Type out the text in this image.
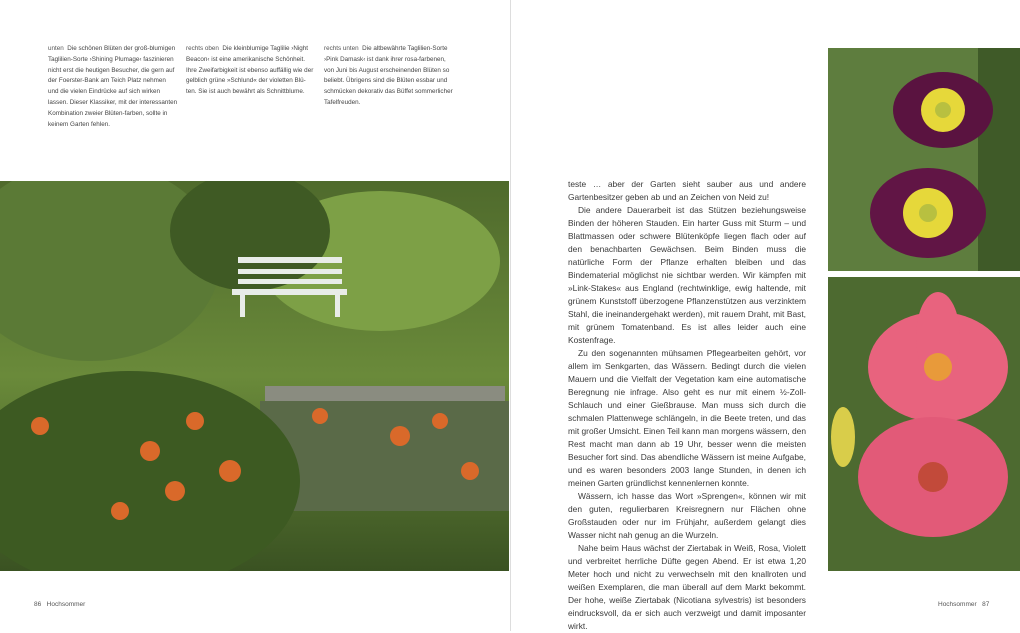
unten Die schönen Blüten der groß-blumigen Taglilien-Sorte ›Shining Plumage‹ faszinieren nicht erst die heutigen Besucher, die gern auf der Foerster-Bank am Teich Platz nehmen und die vielen Eindrücke auf sich wirken lassen. Dieser Klassiker, mit der interessanten Kombination zweier Blüten-farben, sollte in keinem Garten fehlen.
rechts oben Die kleinblumige Taglilie ›Night Beacon‹ ist eine amerikanische Schönheit. Ihre Zweifarbigkeit ist ebenso auffällig wie der gelblich grüne »Schlund« der violetten Blü-ten. Sie ist auch bewährt als Schnittblume.
rechts unten Die altbewährte Taglilien-Sorte ›Pink Damask‹ ist dank ihrer rosa-farbenen, von Juni bis August erscheinenden Blüten so beliebt. Übrigens sind die Blüten essbar und schmücken dekorativ das Büffet sommerlicher Tafelfreuden.

teste … aber der Garten sieht sauber aus und andere Gartenbesitzer geben ab und an Zeichen von Neid zu!

Die andere Dauerarbeit ist das Stützen beziehungsweise Binden der höheren Stauden. Ein harter Guss mit Sturm – und Blattmassen oder schwere Blütenköpfe liegen flach oder auf den benachbarten Gewächsen. Beim Binden muss die natürliche Form der Pflanze erhalten bleiben und das Bindematerial möglichst nie sichtbar werden. Wir kämpfen mit »Link-Stakes« aus England (rechtwinklige, ewig haltende, mit grünem Kunststoff überzogene Pflanzenstützen aus verzinktem Stahl, die ineinandergehakt werden), mit rauem Draht, mit Bast, mit grünem Tomatenband. Es ist alles leider auch eine Kostenfrage.

Zu den sogenannten mühsamen Pflegearbeiten gehört, vor allem im Senkgarten, das Wässern. Bedingt durch die vielen Mauern und die Vielfalt der Vegetation kam eine automatische Beregnung nie infrage. Also geht es nur mit einem ½-Zoll-Schlauch und einer Gießbrause. Man muss sich durch die schmalen Plattenwege schlängeln, in die Beete treten, und das mit großer Umsicht. Einen Teil kann man morgens wässern, den Rest macht man dann ab 19 Uhr, besser wenn die meisten Besucher fort sind. Das abendliche Wässern ist meine Aufgabe, und es waren besonders 2003 lange Stunden, in denen ich meinen Garten gründlichst kennenlernen konnte.

Wässern, ich hasse das Wort »Sprengen«, können wir mit den guten, regulierbaren Kreisregnern nur Flächen ohne Großstauden oder nur im Frühjahr, außerdem gelangt dies Wasser nicht nah genug an die Wurzeln.

Nahe beim Haus wächst der Ziertabak in Weiß, Rosa, Violett und verbreitet herrliche Düfte gegen Abend. Er ist etwa 1,20 Meter hoch und nicht zu verwechseln mit den knallroten und weißen Exemplaren, die man überall auf dem Markt bekommt. Der hohe, weiße Ziertabak (Nicotiana sylvestris) ist besonders eindrucksvoll, da er sich auch verzweigt und damit imposanter wirkt.

86 Hochsommer	Hochsommer 87
